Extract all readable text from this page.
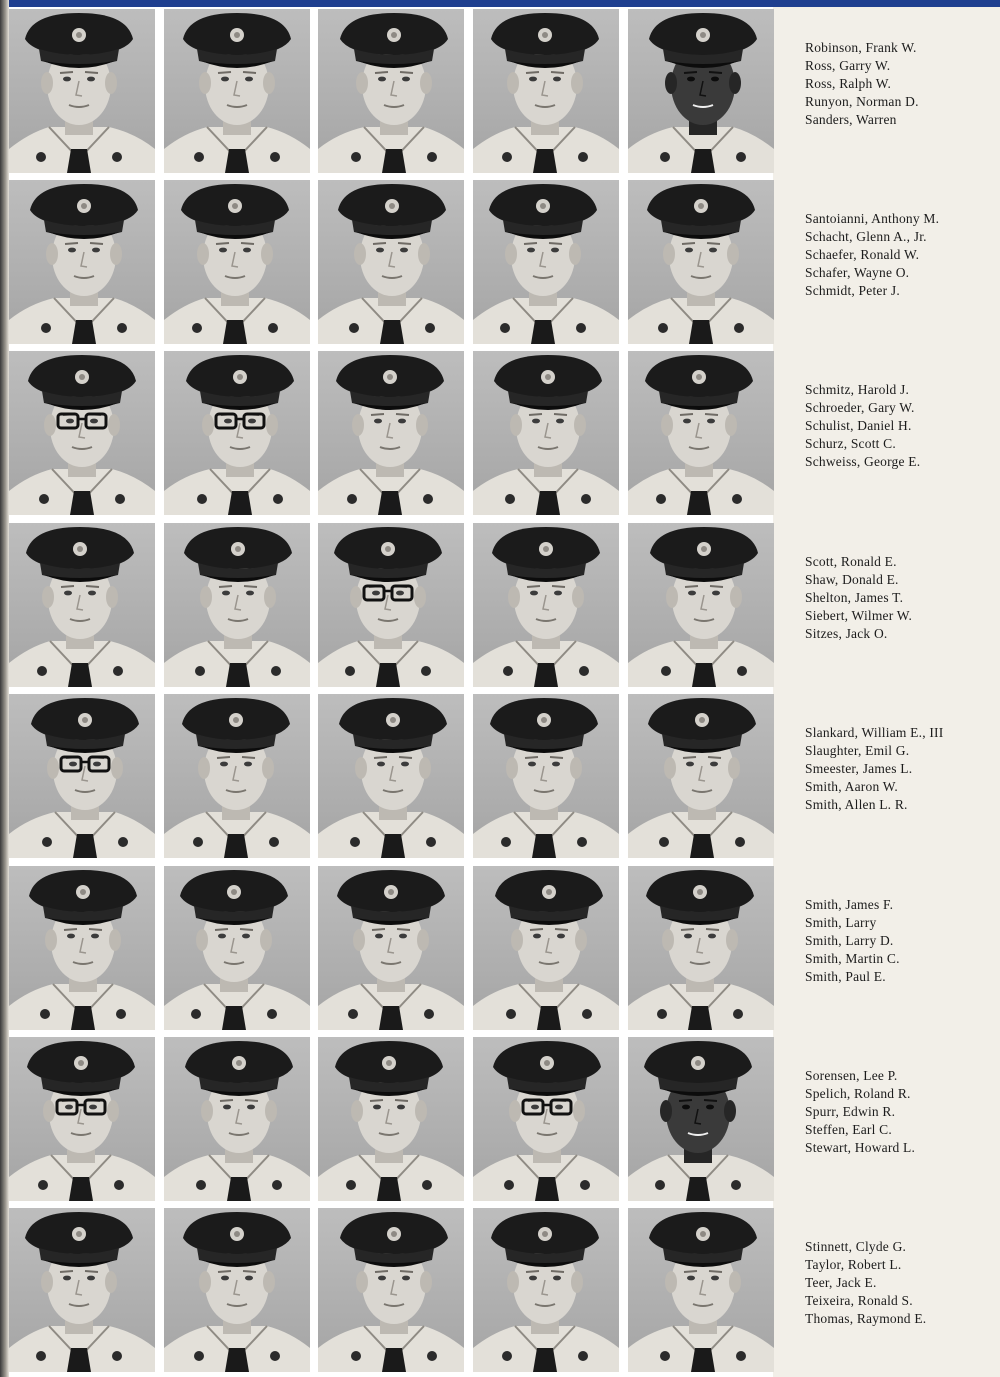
Robinson, Frank W.
Ross, Garry W.
Ross, Ralph W.
Runyon, Norman D.
Sanders, Warren
Santoianni, Anthony M.
Schacht, Glenn A., Jr.
Schaefer, Ronald W.
Schafer, Wayne O.
Schmidt, Peter J.
Schmitz, Harold J.
Schroeder, Gary W.
Schulist, Daniel H.
Schurz, Scott C.
Schweiss, George E.
Scott, Ronald E.
Shaw, Donald E.
Shelton, James T.
Siebert, Wilmer W.
Sitzes, Jack O.
Slankard, William E., III
Slaughter, Emil G.
Smeester, James L.
Smith, Aaron W.
Smith, Allen L. R.
Smith, James F.
Smith, Larry
Smith, Larry D.
Smith, Martin C.
Smith, Paul E.
Sorensen, Lee P.
Spelich, Roland R.
Spurr, Edwin R.
Steffen, Earl C.
Stewart, Howard L.
Stinnett, Clyde G.
Taylor, Robert L.
Teer, Jack E.
Teixeira, Ronald S.
Thomas, Raymond E.
